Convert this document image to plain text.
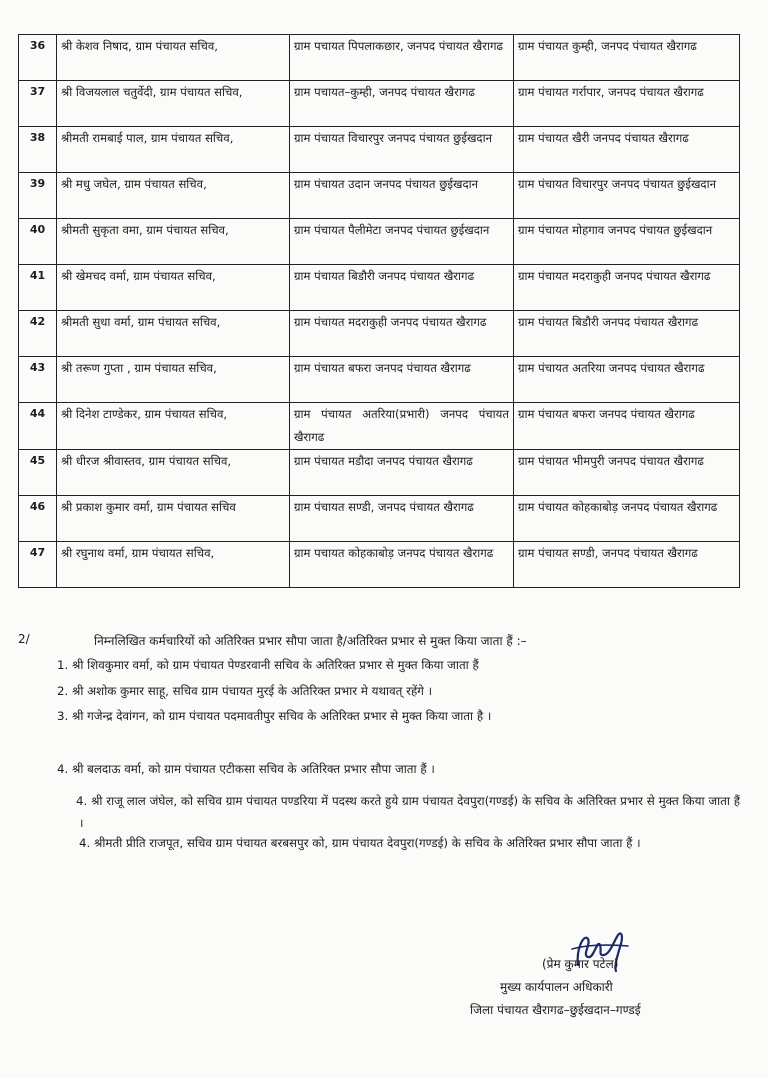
36	श्री केशव निषाद, ग्राम पंचायत सचिव,	ग्राम पचायत पिपलाकछार, जनपद पंचायत खैरागढ	ग्राम पंचायत कुम्ही, जनपद पंचायत खैरागढ
37	श्री विजयलाल चतुर्वेदी, ग्राम पंचायत सचिव,	ग्राम पचायत–कुम्ही, जनपद पंचायत खैरागढ	ग्राम पंचायत गर्रापार, जनपद पंचायत खैरागढ
38	श्रीमती रामबाई पाल, ग्राम पंचायत सचिव,	ग्राम पंचायत विचारपुर जनपद पंचायत छुईखदान	ग्राम पंचायत खैरी जनपद पंचायत खैरागढ
39	श्री मधु जघेल, ग्राम पंचायत सचिव,	ग्राम पंचायत उदान जनपद पंचायत छुईखदान	ग्राम पंचायत विचारपुर जनपद पंचायत छुईखदान
40	श्रीमती सुकृता वमा, ग्राम पंचायत सचिव,	ग्राम पंचायत पैलीमेटा जनपद पंचायत छुईखदान	ग्राम पंचायत मोहगाव जनपद पंचायत छुईखदान
41	श्री खेमचद वर्मा, ग्राम पंचायत सचिव,	ग्राम पंचायत बिडौरी जनपद पंचायत खैरागढ	ग्राम पंचायत मदराकुही जनपद पंचायत खैरागढ
42	श्रीमती सुधा वर्मा, ग्राम पंचायत सचिव,	ग्राम पंचायत मदराकुही जनपद पंचायत खैरागढ	ग्राम पंचायत बिडौरी जनपद पंचायत खैरागढ
43	श्री तरूण गुप्ता , ग्राम पंचायत सचिव,	ग्राम पंचायत बफरा जनपद पंचायत खैरागढ	ग्राम पंचायत अतरिया जनपद पंचायत खैरागढ
44	श्री दिनेश टाण्डेकर, ग्राम पंचायत सचिव,	ग्राम पंचायत अतरिया(प्रभारी) जनपद पंचायत खैरागढ	ग्राम पंचायत बफरा जनपद पंचायत खैरागढ
45	श्री धीरज श्रीवास्तव, ग्राम पंचायत सचिव,	ग्राम पंचायत मडौदा जनपद पंचायत खैरागढ	ग्राम पंचायत भीमपुरी जनपद पंचायत खैरागढ
46	श्री प्रकाश कुमार वर्मा, ग्राम पंचायत सचिव	ग्राम पंचायत सण्डी, जनपद पंचायत खैरागढ	ग्राम पंचायत कोहकाबोड़ जनपद पंचायत खैरागढ
47	श्री रघुनाथ वर्मा, ग्राम पंचायत सचिव,	ग्राम पचायत कोहकाबोड़ जनपद पंचायत खैरागढ	ग्राम पंचायत सण्डी, जनपद पंचायत खैरागढ
2/	निम्नलिखित कर्मचारियों को अतिरिक्त प्रभार सौपा जाता है/अतिरिक्त प्रभार से मुक्त किया जाता हैं :–
1. श्री शिवकुमार वर्मा, को ग्राम पंचायत पेण्डरवानी सचिव के अतिरिक्त प्रभार से मुक्त किया जाता हैं
2. श्री अशोक कुमार साहू, सचिव ग्राम पंचायत मुरई के अतिरिक्त प्रभार मे यथावत् रहेंगे ।
3. श्री गजेन्द्र देवांगन, को ग्राम पंचायत पदमावतीपुर सचिव के अतिरिक्त प्रभार से मुक्त किया जाता है ।
4. श्री बलदाऊ वर्मा, को ग्राम पंचायत एटीकसा सचिव के अतिरिक्त प्रभार सौपा जाता हैं ।
4. श्री राजू लाल जंघेल, को सचिव ग्राम पंचायत पण्डरिया में पदस्थ करते हुये ग्राम पंचायत देवपुरा(गण्डई) के सचिव के अतिरिक्त प्रभार से मुक्त किया जाता हैं ।
4. श्रीमती प्रीति राजपूत, सचिव ग्राम पंचायत बरबसपुर को, ग्राम पंचायत देवपुरा(गण्डई) के सचिव के अतिरिक्त प्रभार सौपा जाता हैं ।
(प्रेम कुमार पटेल)
मुख्य कार्यपालन अधिकारी
जिला पंचायत खैरागढ–छुईखदान–गण्डई
